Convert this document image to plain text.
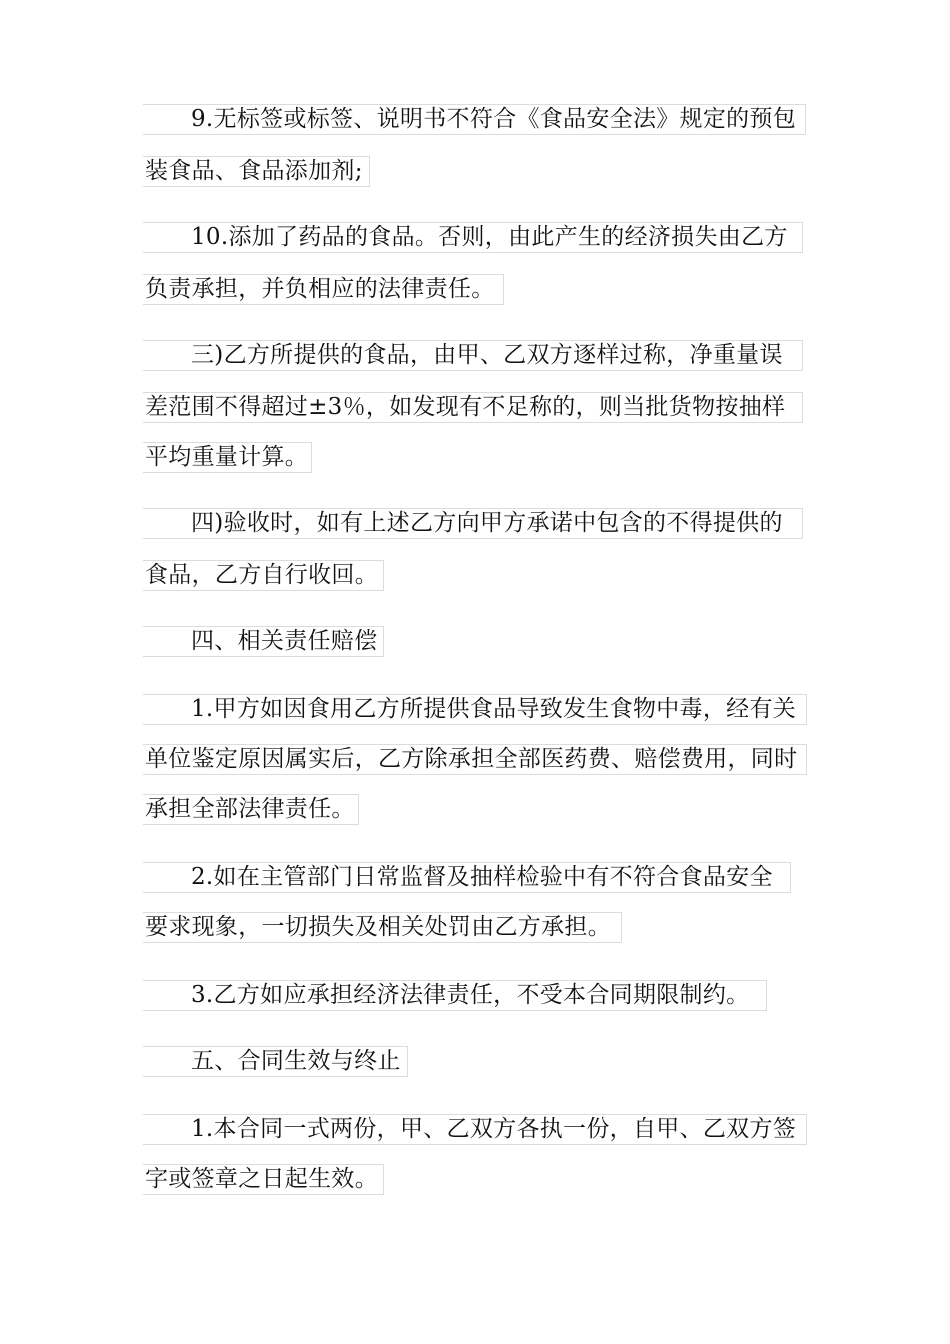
9.无标签或标签、说明书不符合《食品安全法》规定的预包
装食品、食品添加剂;
10.添加了药品的食品。否则，由此产生的经济损失由乙方
负责承担，并负相应的法律责任。
三)乙方所提供的食品，由甲、乙双方逐样过称，净重量误
差范围不得超过±3％，如发现有不足称的，则当批货物按抽样
平均重量计算。
四)验收时，如有上述乙方向甲方承诺中包含的不得提供的
食品，乙方自行收回。
四、相关责任赔偿
1.甲方如因食用乙方所提供食品导致发生食物中毒，经有关
单位鉴定原因属实后，乙方除承担全部医药费、赔偿费用，同时
承担全部法律责任。
2.如在主管部门日常监督及抽样检验中有不符合食品安全
要求现象，一切损失及相关处罚由乙方承担。
3.乙方如应承担经济法律责任，不受本合同期限制约。
五、合同生效与终止
1.本合同一式两份，甲、乙双方各执一份，自甲、乙双方签
字或签章之日起生效。
